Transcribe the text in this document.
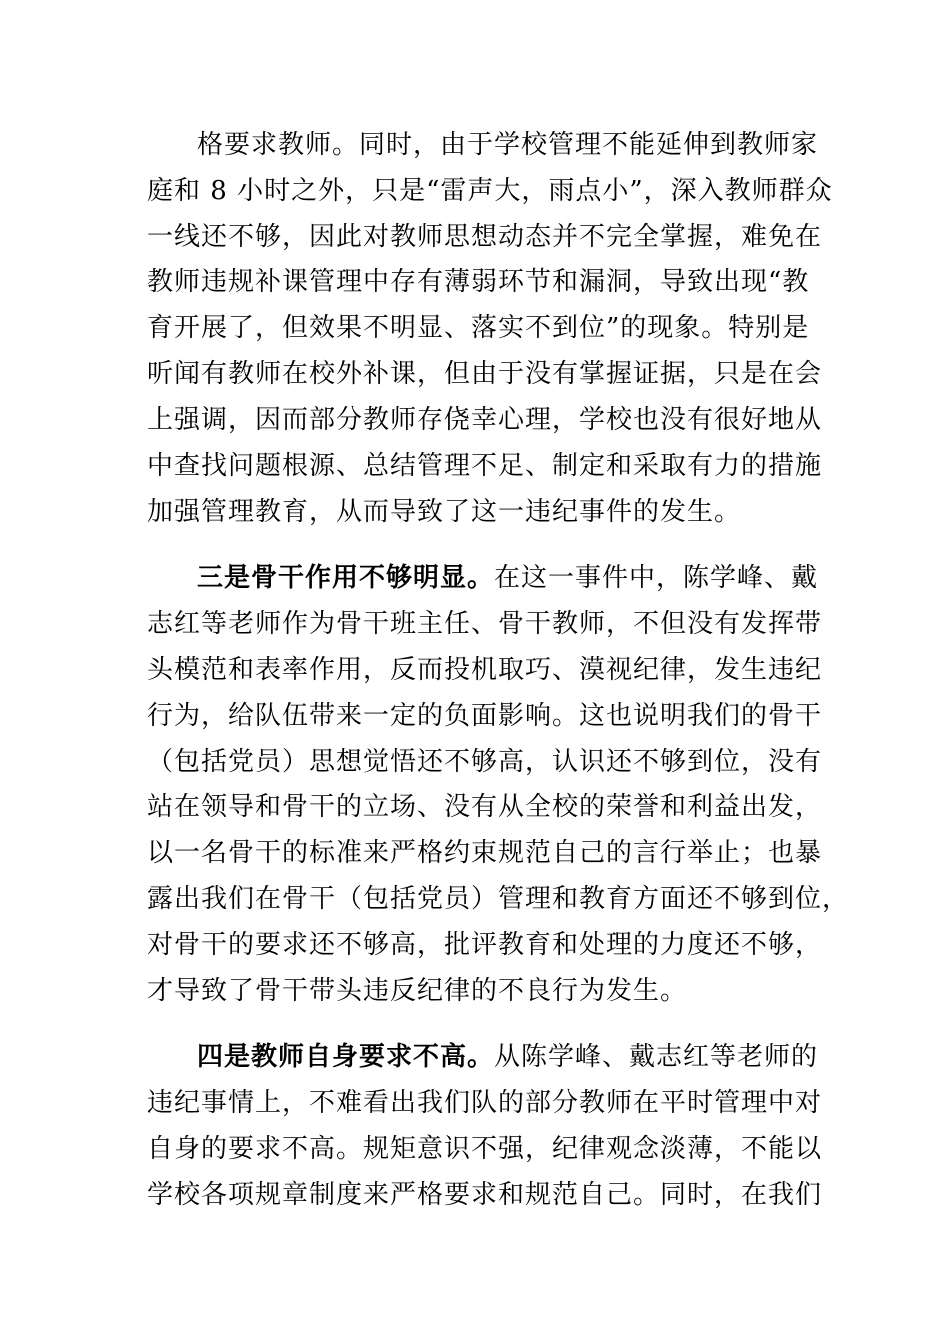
格要求教师。同时，由于学校管理不能延伸到教师家
庭和 8 小时之外，只是“雷声大，雨点小”，深入教师群众
一线还不够，因此对教师思想动态并不完全掌握，难免在
教师违规补课管理中存有薄弱环节和漏洞，导致出现“教
育开展了，但效果不明显、落实不到位”的现象。特别是
听闻有教师在校外补课，但由于没有掌握证据，只是在会
上强调，因而部分教师存侥幸心理，学校也没有很好地从
中查找问题根源、总结管理不足、制定和采取有力的措施
加强管理教育，从而导致了这一违纪事件的发生。
三是骨干作用不够明显。在这一事件中，陈学峰、戴
志红等老师作为骨干班主任、骨干教师，不但没有发挥带
头模范和表率作用，反而投机取巧、漠视纪律，发生违纪
行为，给队伍带来一定的负面影响。这也说明我们的骨干
（包括党员）思想觉悟还不够高，认识还不够到位，没有
站在领导和骨干的立场、没有从全校的荣誉和利益出发，
以一名骨干的标准来严格约束规范自己的言行举止；也暴
露出我们在骨干（包括党员）管理和教育方面还不够到位，
对骨干的要求还不够高，批评教育和处理的力度还不够，
才导致了骨干带头违反纪律的不良行为发生。
四是教师自身要求不高。从陈学峰、戴志红等老师的
违纪事情上，不难看出我们队的部分教师在平时管理中对
自身的要求不高。规矩意识不强，纪律观念淡薄，不能以
学校各项规章制度来严格要求和规范自己。同时，在我们
